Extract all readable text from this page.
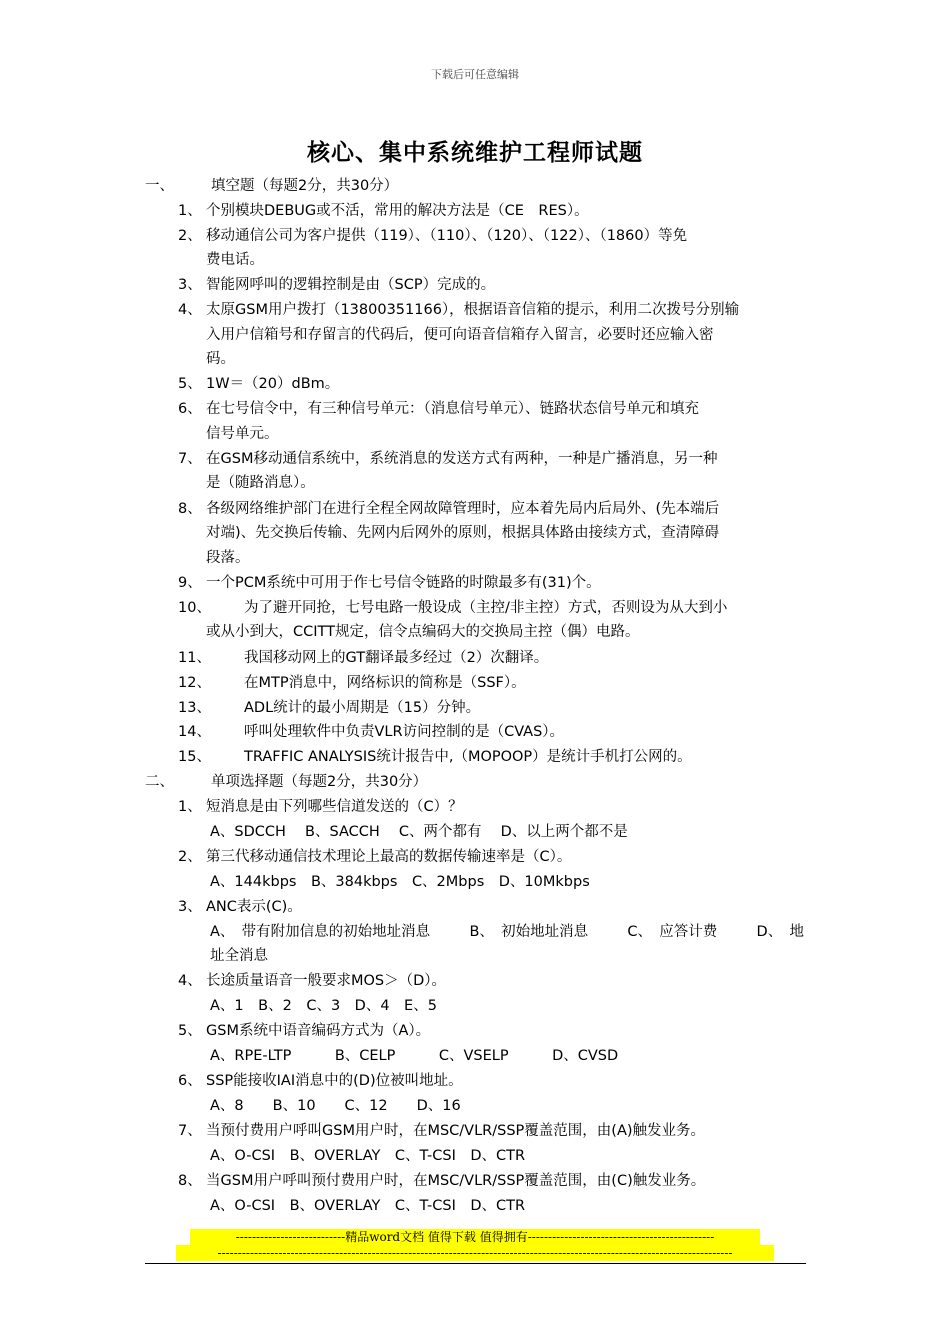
下载后可任意编辑
核心、集中系统维护工程师试题
一、	填空题（每题2分，共30分）
1、 个别模块DEBUG或不活，常用的解决方法是（CE　RES）。
2、 移动通信公司为客户提供（119）、（110）、（120）、（122）、（1860）等免
费电话。
3、 智能网呼叫的逻辑控制是由（SCP）完成的。
4、 太原GSM用户拨打（13800351166），根据语音信箱的提示，利用二次拨号分别输
入用户信箱号和存留言的代码后，便可向语音信箱存入留言，必要时还应输入密
码。
5、 1W＝（20）dBm。
6、 在七号信令中，有三种信号单元：（消息信号单元）、链路状态信号单元和填充
信号单元。
7、 在GSM移动通信系统中，系统消息的发送方式有两种，一种是广播消息，另一种
是（随路消息）。
8、 各级网络维护部门在进行全程全网故障管理时，应本着先局内后局外、(先本端后
对端)、先交换后传输、先网内后网外的原则，根据具体路由接续方式，查清障碍
段落。
9、 一个PCM系统中可用于作七号信令链路的时隙最多有(31)个。
10、 为了避开同抢，七号电路一般设成（主控/非主控）方式，否则设为从大到小
或从小到大，CCITT规定，信令点编码大的交换局主控（偶）电路。
11、 我国移动网上的GT翻译最多经过（2）次翻译。
12、 在MTP消息中，网络标识的简称是（SSF）。
13、 ADL统计的最小周期是（15）分钟。
14、 呼叫处理软件中负责VLR访问控制的是（CVAS）。
15、 TRAFFIC ANALYSIS统计报告中,（MOPOOP）是统计手机打公网的。
二、	单项选择题（每题2分，共30分）
1、 短消息是由下列哪些信道发送的（C）？
A、SDCCH　 B、SACCH　 C、两个都有　 D、以上两个都不是
2、 第三代移动通信技术理论上最高的数据传输速率是（C）。
A、144kbps　B、384kbps　C、2Mbps　D、10Mkbps
3、 ANC表示(C)。
A、　带有附加信息的初始地址消息	B、　初始地址消息	C、　应答计费	D、　地
址全消息
4、 长途质量语音一般要求MOS＞（D）。
A、1　B、2　C、3　D、4　E、5
5、 GSM系统中语音编码方式为（A）。
A、RPE-LTP　　　B、CELP　　　C、VSELP　　　D、CVSD
6、 SSP能接收IAI消息中的(D)位被叫地址。
A、8　　B、10　　C、12　　D、16
7、 当预付费用户呼叫GSM用户时，在MSC/VLR/SSP覆盖范围，由(A)触发业务。
A、O-CSI　B、OVERLAY　C、T-CSI　D、CTR
8、 当GSM用户呼叫预付费用户时，在MSC/VLR/SSP覆盖范围，由(C)触发业务。
A、O-CSI　B、OVERLAY　C、T-CSI　D、CTR
---------------------------精品word文档 值得下载 值得拥有----------------------------------------------
-------------------------------------------------------------------------------------------------------------------------------
